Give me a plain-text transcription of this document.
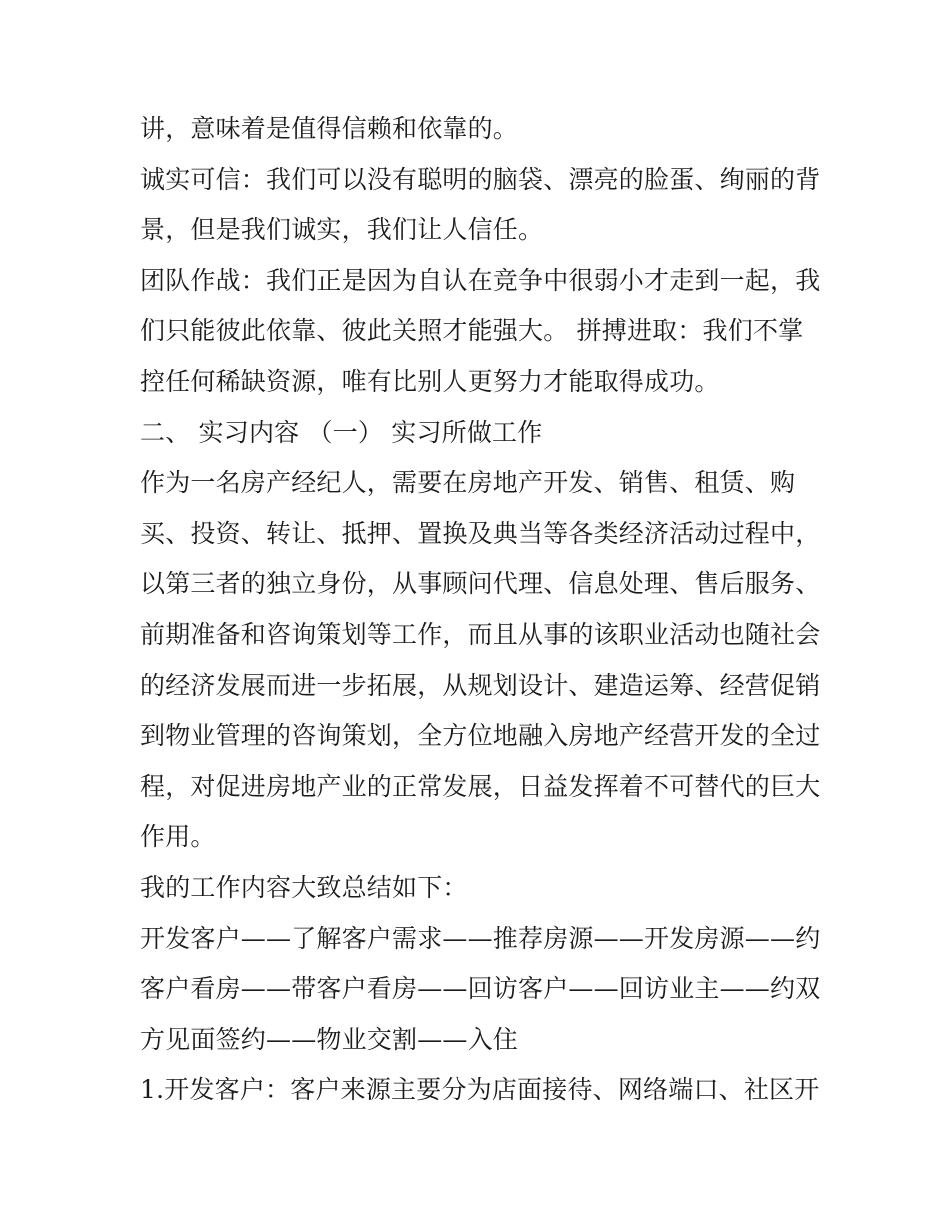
讲，意味着是值得信赖和依靠的。
诚实可信：我们可以没有聪明的脑袋、漂亮的脸蛋、绚丽的背
景，但是我们诚实，我们让人信任。
团队作战：我们正是因为自认在竞争中很弱小才走到一起，我
们只能彼此依靠、彼此关照才能强大。 拼搏进取：我们不掌
控任何稀缺资源，唯有比别人更努力才能取得成功。
二、 实习内容 （一） 实习所做工作
作为一名房产经纪人，需要在房地产开发、销售、租赁、购
买、投资、转让、抵押、置换及典当等各类经济活动过程中，
以第三者的独立身份，从事顾问代理、信息处理、售后服务、
前期准备和咨询策划等工作，而且从事的该职业活动也随社会
的经济发展而进一步拓展，从规划设计、建造运筹、经营促销
到物业管理的咨询策划，全方位地融入房地产经营开发的全过
程，对促进房地产业的正常发展，日益发挥着不可替代的巨大
作用。
我的工作内容大致总结如下：
开发客户——了解客户需求——推荐房源——开发房源——约
客户看房——带客户看房——回访客户——回访业主——约双
方见面签约——物业交割——入住
1.开发客户：客户来源主要分为店面接待、网络端口、社区开
